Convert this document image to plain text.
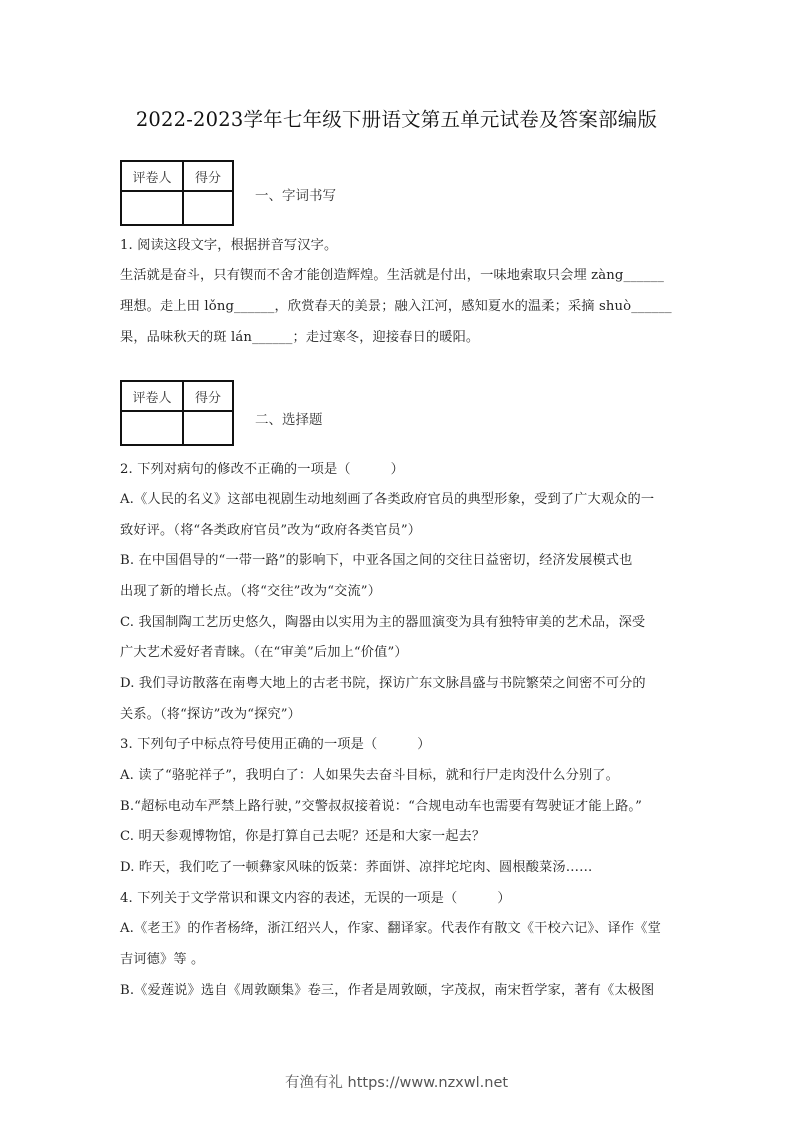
2022-2023学年七年级下册语文第五单元试卷及答案部编版
评卷人	得分

一、字词书写
1. 阅读这段文字，根据拼音写汉字。
生活就是奋斗，只有锲而不舍才能创造辉煌。生活就是付出，一味地索取只会埋 zàng______
理想。走上田 lǒng______，欣赏春天的美景；融入江河，感知夏水的温柔；采摘 shuò______
果，品味秋天的斑 lán______；走过寒冬，迎接春日的暖阳。
评卷人	得分

二、选择题
2. 下列对病句的修改不正确的一项是（　　　）
A.《人民的名义》这部电视剧生动地刻画了各类政府官员的典型形象，受到了广大观众的一
致好评。（将“各类政府官员”改为“政府各类官员”）
B. 在中国倡导的“一带一路”的影响下，中亚各国之间的交往日益密切，经济发展模式也
出现了新的增长点。（将“交往”改为“交流”）
C. 我国制陶工艺历史悠久，陶器由以实用为主的器皿演变为具有独特审美的艺术品，深受
广大艺术爱好者青睐。（在“审美”后加上“价值”）
D. 我们寻访散落在南粤大地上的古老书院，探访广东文脉昌盛与书院繁荣之间密不可分的
关系。（将“探访”改为“探究”）
3. 下列句子中标点符号使用正确的一项是（　　　）
A. 读了“骆驼祥子”，我明白了：人如果失去奋斗目标，就和行尸走肉没什么分别了。
B.“超标电动车严禁上路行驶，”交警叔叔接着说：“合规电动车也需要有驾驶证才能上路。”
C. 明天参观博物馆，你是打算自己去呢？还是和大家一起去？
D. 昨天，我们吃了一顿彝家风味的饭菜：荞面饼、凉拌坨坨肉、圆根酸菜汤……
4. 下列关于文学常识和课文内容的表述，无误的一项是（　　　）
A.《老王》的作者杨绛，浙江绍兴人，作家、翻译家。代表作有散文《干校六记》、译作《堂
吉诃德》等 。
B.《爱莲说》选自《周敦颐集》卷三，作者是周敦颐，字茂叔，南宋哲学家，著有《太极图
有渔有礼 https://www.nzxwl.net
